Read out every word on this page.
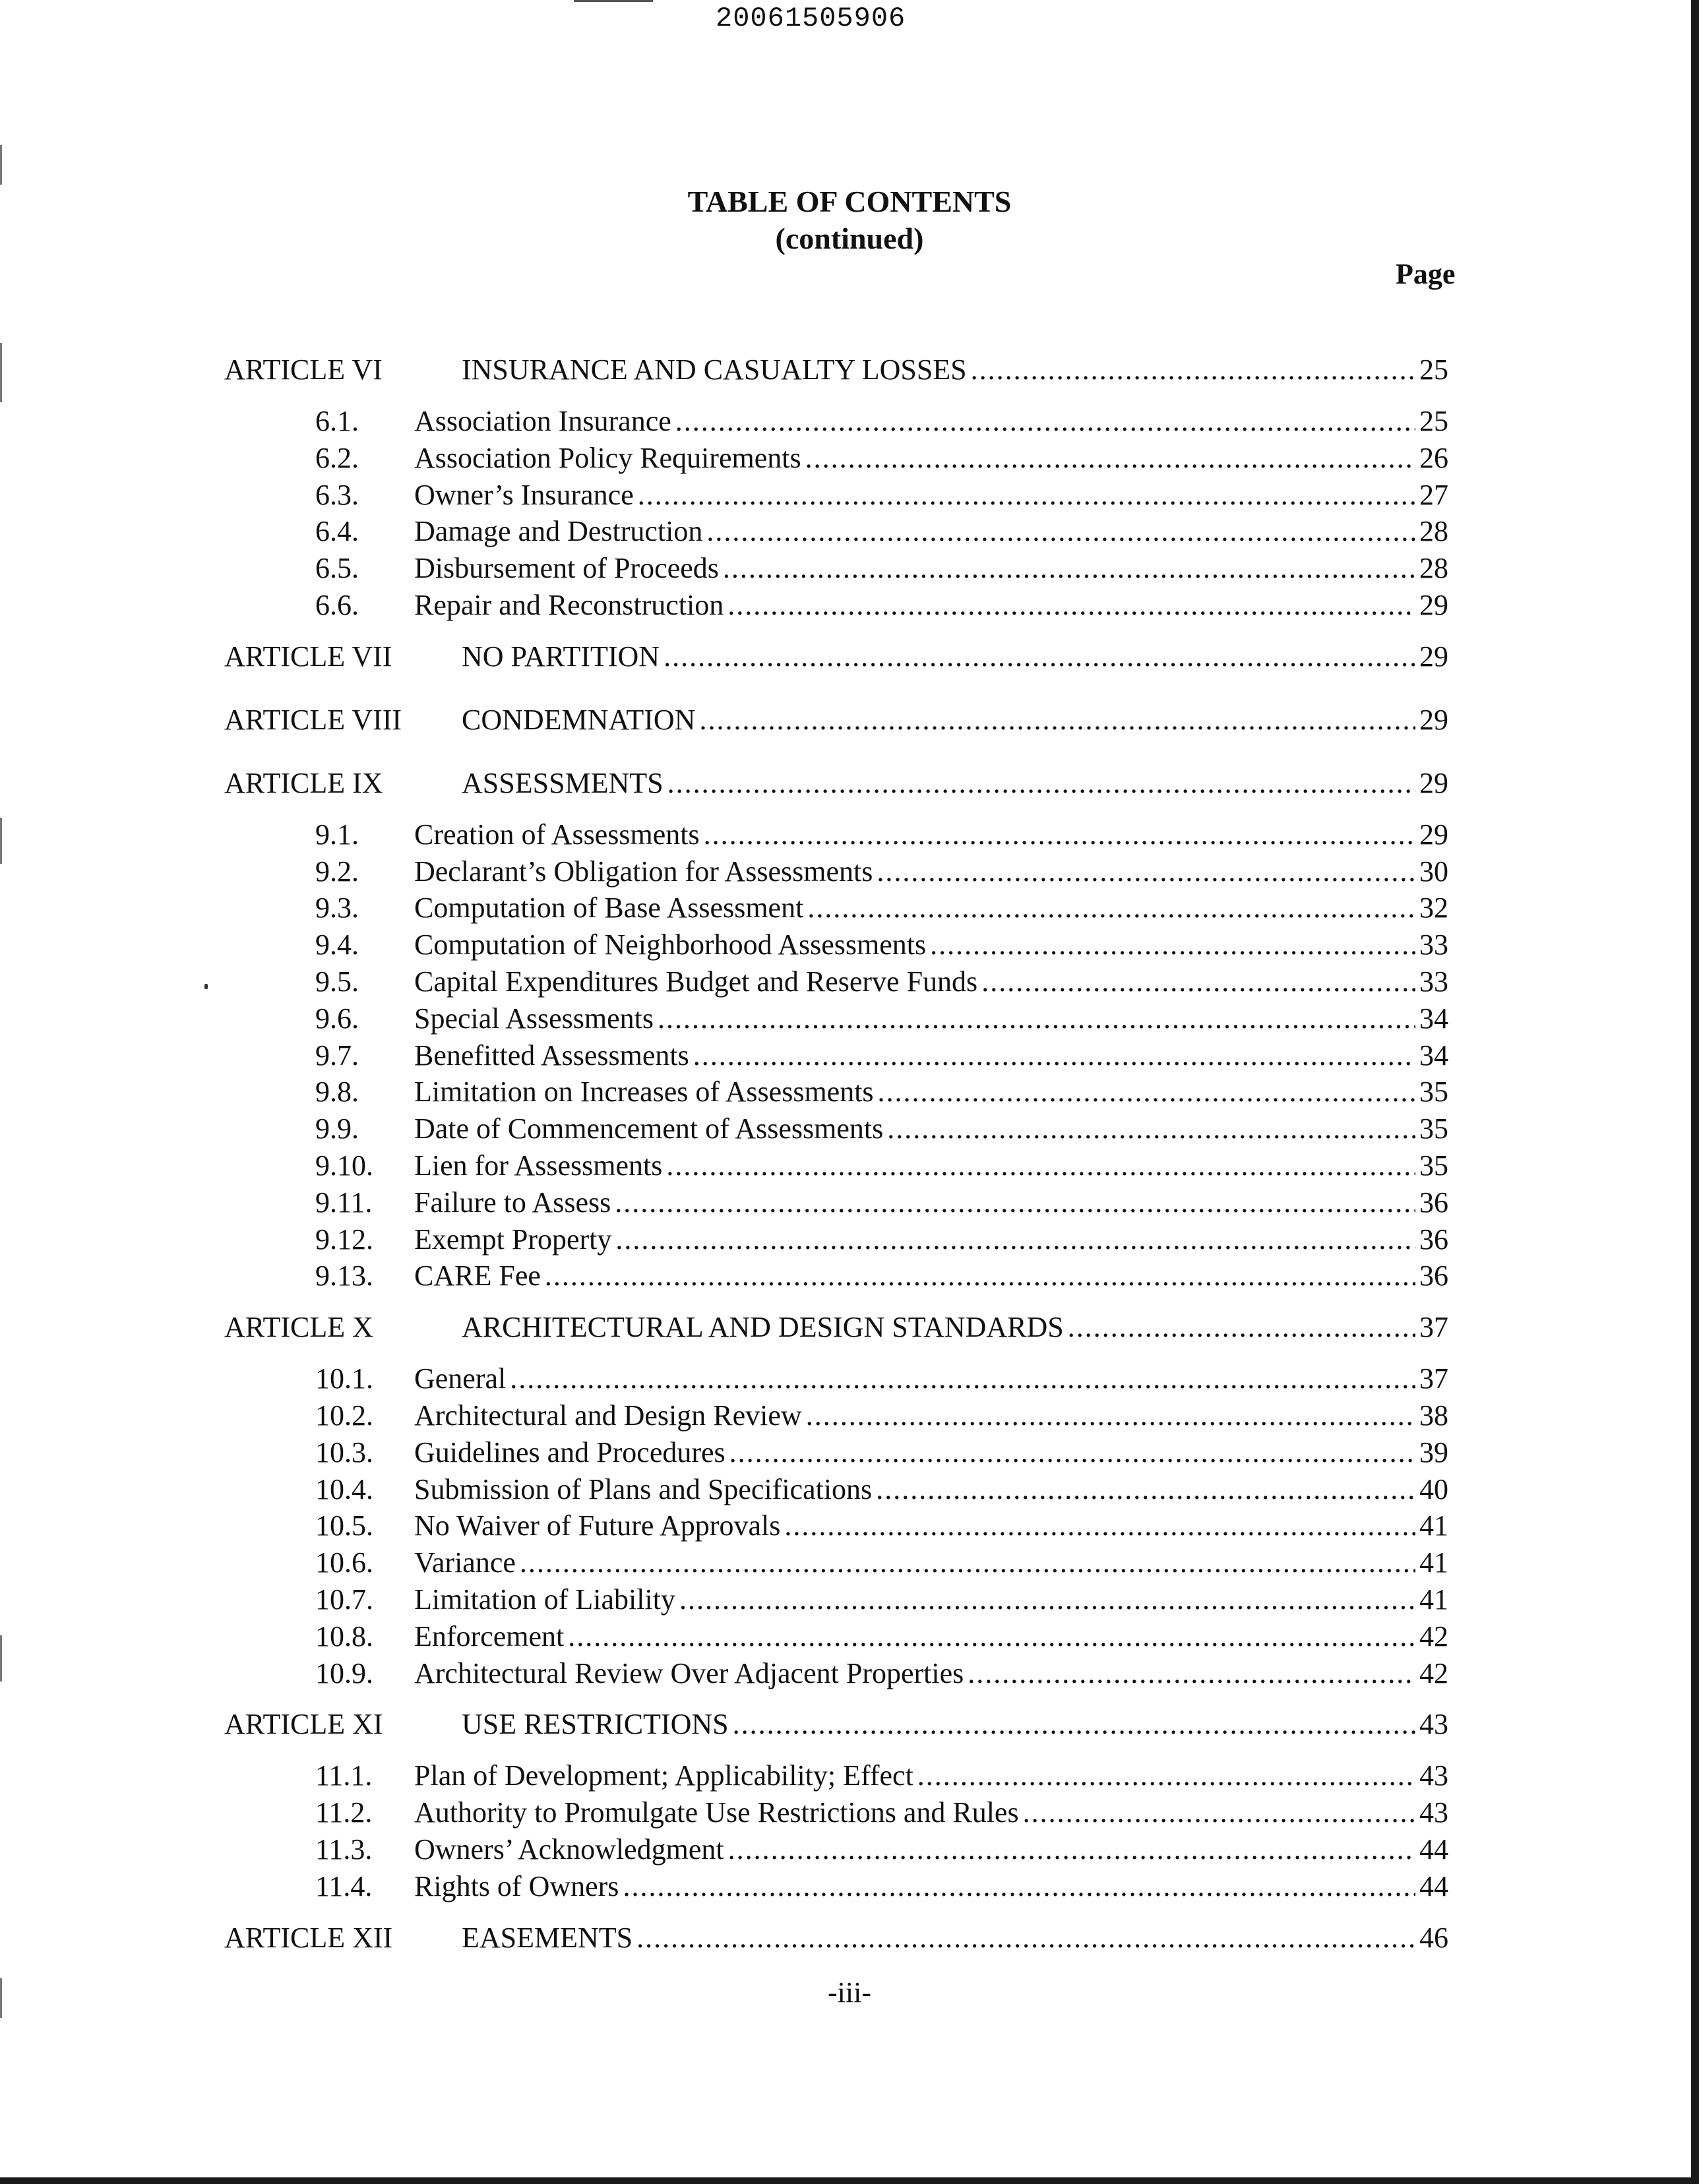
20061505906
TABLE OF CONTENTS
(continued)
Page
ARTICLE VI	INSURANCE AND CASUALTY LOSSES .....	25
6.1.	Association Insurance .....	25
6.2.	Association Policy Requirements .....	26
6.3.	Owner’s Insurance .....	27
6.4.	Damage and Destruction .....	28
6.5.	Disbursement of Proceeds .....	28
6.6.	Repair and Reconstruction .....	29
ARTICLE VII	NO PARTITION .....	29
ARTICLE VIII	CONDEMNATION .....	29
ARTICLE IX	ASSESSMENTS .....	29
9.1.	Creation of Assessments .....	29
9.2.	Declarant’s Obligation for Assessments .....	30
9.3.	Computation of Base Assessment .....	32
9.4.	Computation of Neighborhood Assessments .....	33
9.5.	Capital Expenditures Budget and Reserve Funds .....	33
9.6.	Special Assessments .....	34
9.7.	Benefitted Assessments .....	34
9.8.	Limitation on Increases of Assessments .....	35
9.9.	Date of Commencement of Assessments .....	35
9.10.	Lien for Assessments .....	35
9.11.	Failure to Assess .....	36
9.12.	Exempt Property .....	36
9.13.	CARE Fee .....	36
ARTICLE X	ARCHITECTURAL AND DESIGN STANDARDS .....	37
10.1.	General .....	37
10.2.	Architectural and Design Review .....	38
10.3.	Guidelines and Procedures .....	39
10.4.	Submission of Plans and Specifications .....	40
10.5.	No Waiver of Future Approvals .....	41
10.6.	Variance .....	41
10.7.	Limitation of Liability .....	41
10.8.	Enforcement .....	42
10.9.	Architectural Review Over Adjacent Properties .....	42
ARTICLE XI	USE RESTRICTIONS .....	43
11.1.	Plan of Development; Applicability; Effect .....	43
11.2.	Authority to Promulgate Use Restrictions and Rules .....	43
11.3.	Owners’ Acknowledgment .....	44
11.4.	Rights of Owners .....	44
ARTICLE XII	EASEMENTS .....	46
-iii-
